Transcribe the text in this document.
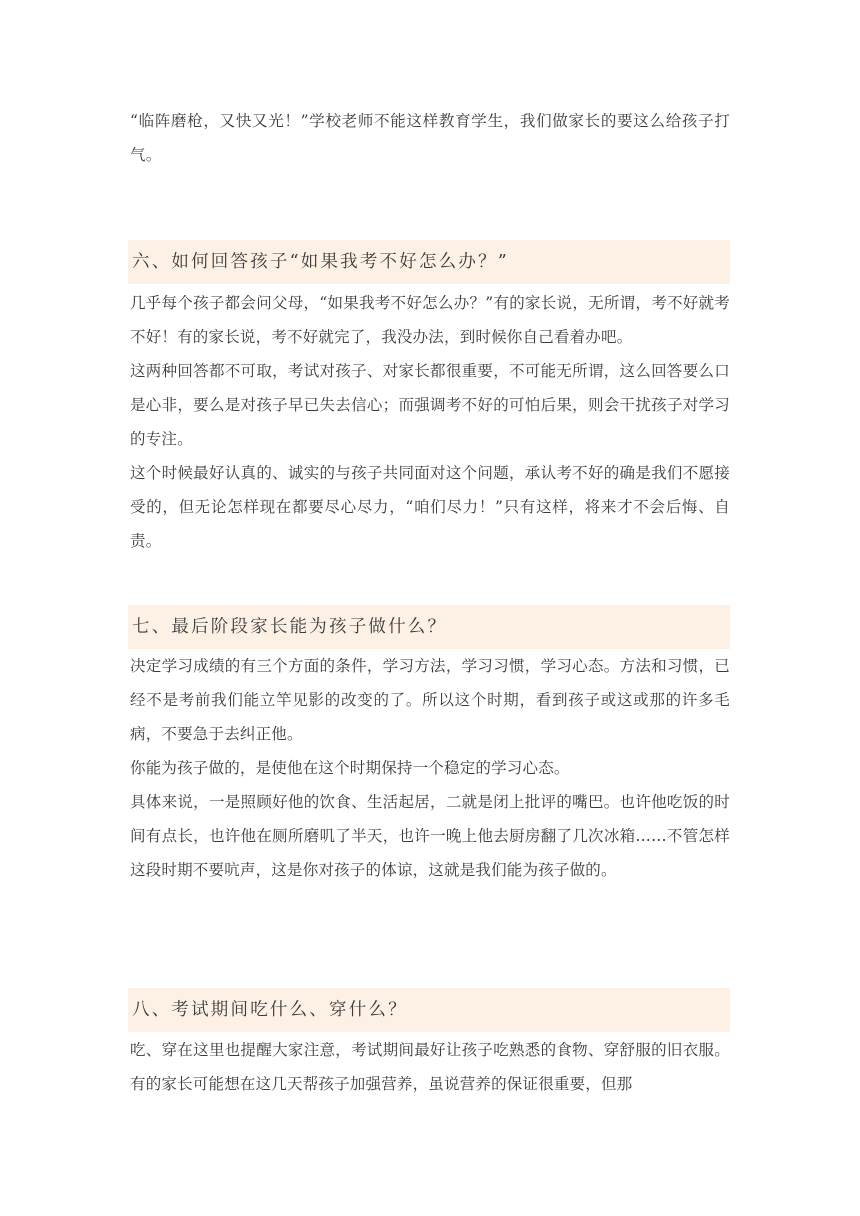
“临阵磨枪，又快又光！”学校老师不能这样教育学生，我们做家长的要这么给孩子打气。

六、如何回答孩子“如果我考不好怎么办？”

几乎每个孩子都会问父母，“如果我考不好怎么办？”有的家长说，无所谓，考不好就考不好！有的家长说，考不好就完了，我没办法，到时候你自己看着办吧。

这两种回答都不可取，考试对孩子、对家长都很重要，不可能无所谓，这么回答要么口是心非，要么是对孩子早已失去信心；而强调考不好的可怕后果，则会干扰孩子对学习的专注。

这个时候最好认真的、诚实的与孩子共同面对这个问题，承认考不好的确是我们不愿接受的，但无论怎样现在都要尽心尽力，“咱们尽力！”只有这样，将来才不会后悔、自责。

七、最后阶段家长能为孩子做什么？

决定学习成绩的有三个方面的条件，学习方法，学习习惯，学习心态。方法和习惯，已经不是考前我们能立竿见影的改变的了。所以这个时期，看到孩子或这或那的许多毛病，不要急于去纠正他。

你能为孩子做的，是使他在这个时期保持一个稳定的学习心态。

具体来说，一是照顾好他的饮食、生活起居，二就是闭上批评的嘴巴。也许他吃饭的时间有点长，也许他在厕所磨叽了半天，也许一晚上他去厨房翻了几次冰箱……不管怎样这段时期不要吭声，这是你对孩子的体谅，这就是我们能为孩子做的。

八、考试期间吃什么、穿什么？

吃、穿在这里也提醒大家注意，考试期间最好让孩子吃熟悉的食物、穿舒服的旧衣服。有的家长可能想在这几天帮孩子加强营养，虽说营养的保证很重要，但那
